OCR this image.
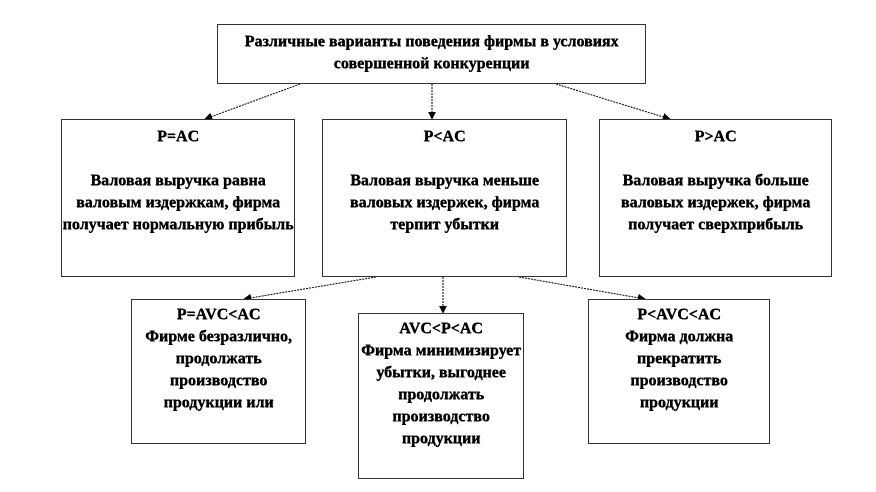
Различные варианты поведения фирмы в условиях совершенной конкуренции
P=AC
Валовая выручка равна валовым издержкам, фирма получает нормальную прибыль
P<AC
Валовая выручка меньше валовых издержек, фирма терпит убытки
P>AC
Валовая выручка больше валовых издержек, фирма получает сверхприбыль
P=AVC<AC
Фирме безразлично, продолжать производство продукции или
AVC<P<AC
Фирма минимизирует убытки, выгоднее продолжать производство продукции
P<AVC<AC
Фирма должна прекратить производство продукции
